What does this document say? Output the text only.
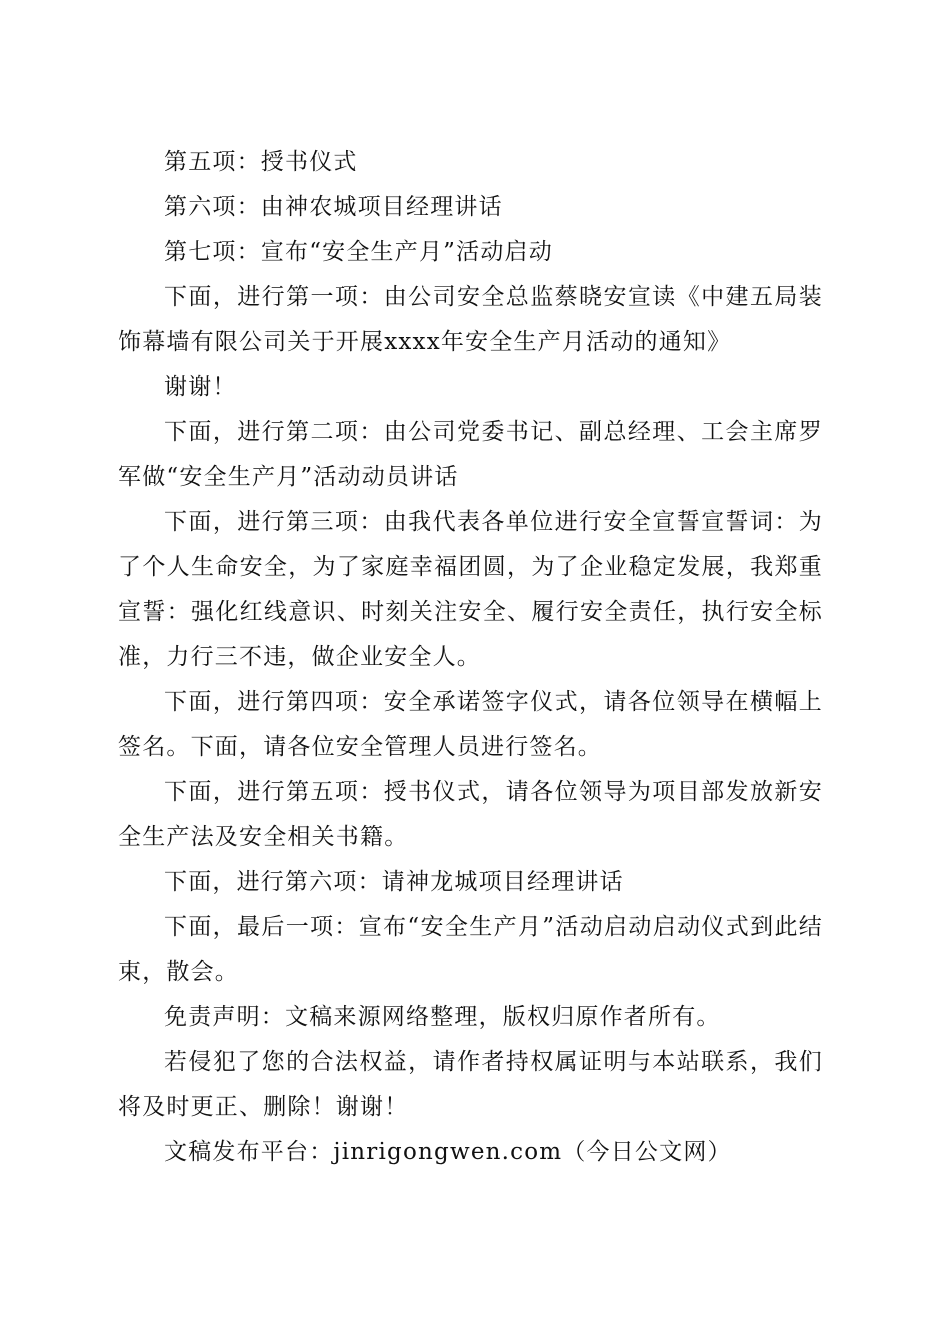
第五项：授书仪式

第六项：由神农城项目经理讲话

第七项：宣布“安全生产月”活动启动

下面，进行第一项：由公司安全总监蔡晓安宣读《中建五局装饰幕墙有限公司关于开展xxxx年安全生产月活动的通知》

谢谢！

下面，进行第二项：由公司党委书记、副总经理、工会主席罗军做“安全生产月”活动动员讲话

下面，进行第三项：由我代表各单位进行安全宣誓宣誓词：为了个人生命安全，为了家庭幸福团圆，为了企业稳定发展，我郑重宣誓：强化红线意识、时刻关注安全、履行安全责任，执行安全标准，力行三不违，做企业安全人。

下面，进行第四项：安全承诺签字仪式，请各位领导在横幅上签名。下面，请各位安全管理人员进行签名。

下面，进行第五项：授书仪式，请各位领导为项目部发放新安全生产法及安全相关书籍。

下面，进行第六项：请神龙城项目经理讲话

下面，最后一项：宣布“安全生产月”活动启动启动仪式到此结束，散会。

免责声明：文稿来源网络整理，版权归原作者所有。

若侵犯了您的合法权益，请作者持权属证明与本站联系，我们将及时更正、删除！谢谢！

文稿发布平台：jinrigongwen.com（今日公文网）
